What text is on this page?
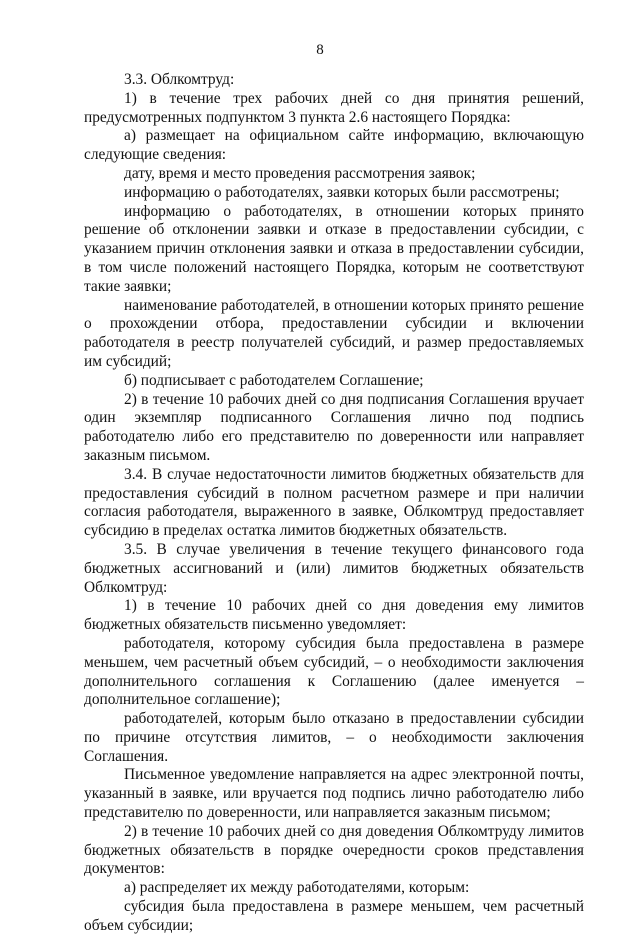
8

3.3. Облкомтруд:

1) в течение трех рабочих дней со дня принятия решений, предусмотренных подпунктом 3 пункта 2.6 настоящего Порядка:

а) размещает на официальном сайте информацию, включающую следующие сведения:

дату, время и место проведения рассмотрения заявок;

информацию о работодателях, заявки которых были рассмотрены;

информацию о работодателях, в отношении которых принято решение об отклонении заявки и отказе в предоставлении субсидии, с указанием причин отклонения заявки и отказа в предоставлении субсидии, в том числе положений настоящего Порядка, которым не соответствуют такие заявки;

наименование работодателей, в отношении которых принято решение о прохождении отбора, предоставлении субсидии и включении работодателя в реестр получателей субсидий, и размер предоставляемых им субсидий;

б) подписывает с работодателем Соглашение;

2) в течение 10 рабочих дней со дня подписания Соглашения вручает один экземпляр подписанного Соглашения лично под подпись работодателю либо его представителю по доверенности или направляет заказным письмом.

3.4. В случае недостаточности лимитов бюджетных обязательств для предоставления субсидий в полном расчетном размере и при наличии согласия работодателя, выраженного в заявке, Облкомтруд предоставляет субсидию в пределах остатка лимитов бюджетных обязательств.

3.5. В случае увеличения в течение текущего финансового года бюджетных ассигнований и (или) лимитов бюджетных обязательств Облкомтруд:

1) в течение 10 рабочих дней со дня доведения ему лимитов бюджетных обязательств письменно уведомляет:

работодателя, которому субсидия была предоставлена в размере меньшем, чем расчетный объем субсидий, – о необходимости заключения дополнительного соглашения к Соглашению (далее именуется – дополнительное соглашение);

работодателей, которым было отказано в предоставлении субсидии по причине отсутствия лимитов, – о необходимости заключения Соглашения.

Письменное уведомление направляется на адрес электронной почты, указанный в заявке, или вручается под подпись лично работодателю либо представителю по доверенности, или направляется заказным письмом;

2) в течение 10 рабочих дней со дня доведения Облкомтруду лимитов бюджетных обязательств в порядке очередности сроков представления документов:

а) распределяет их между работодателями, которым:

субсидия была предоставлена в размере меньшем, чем расчетный объем субсидии;
